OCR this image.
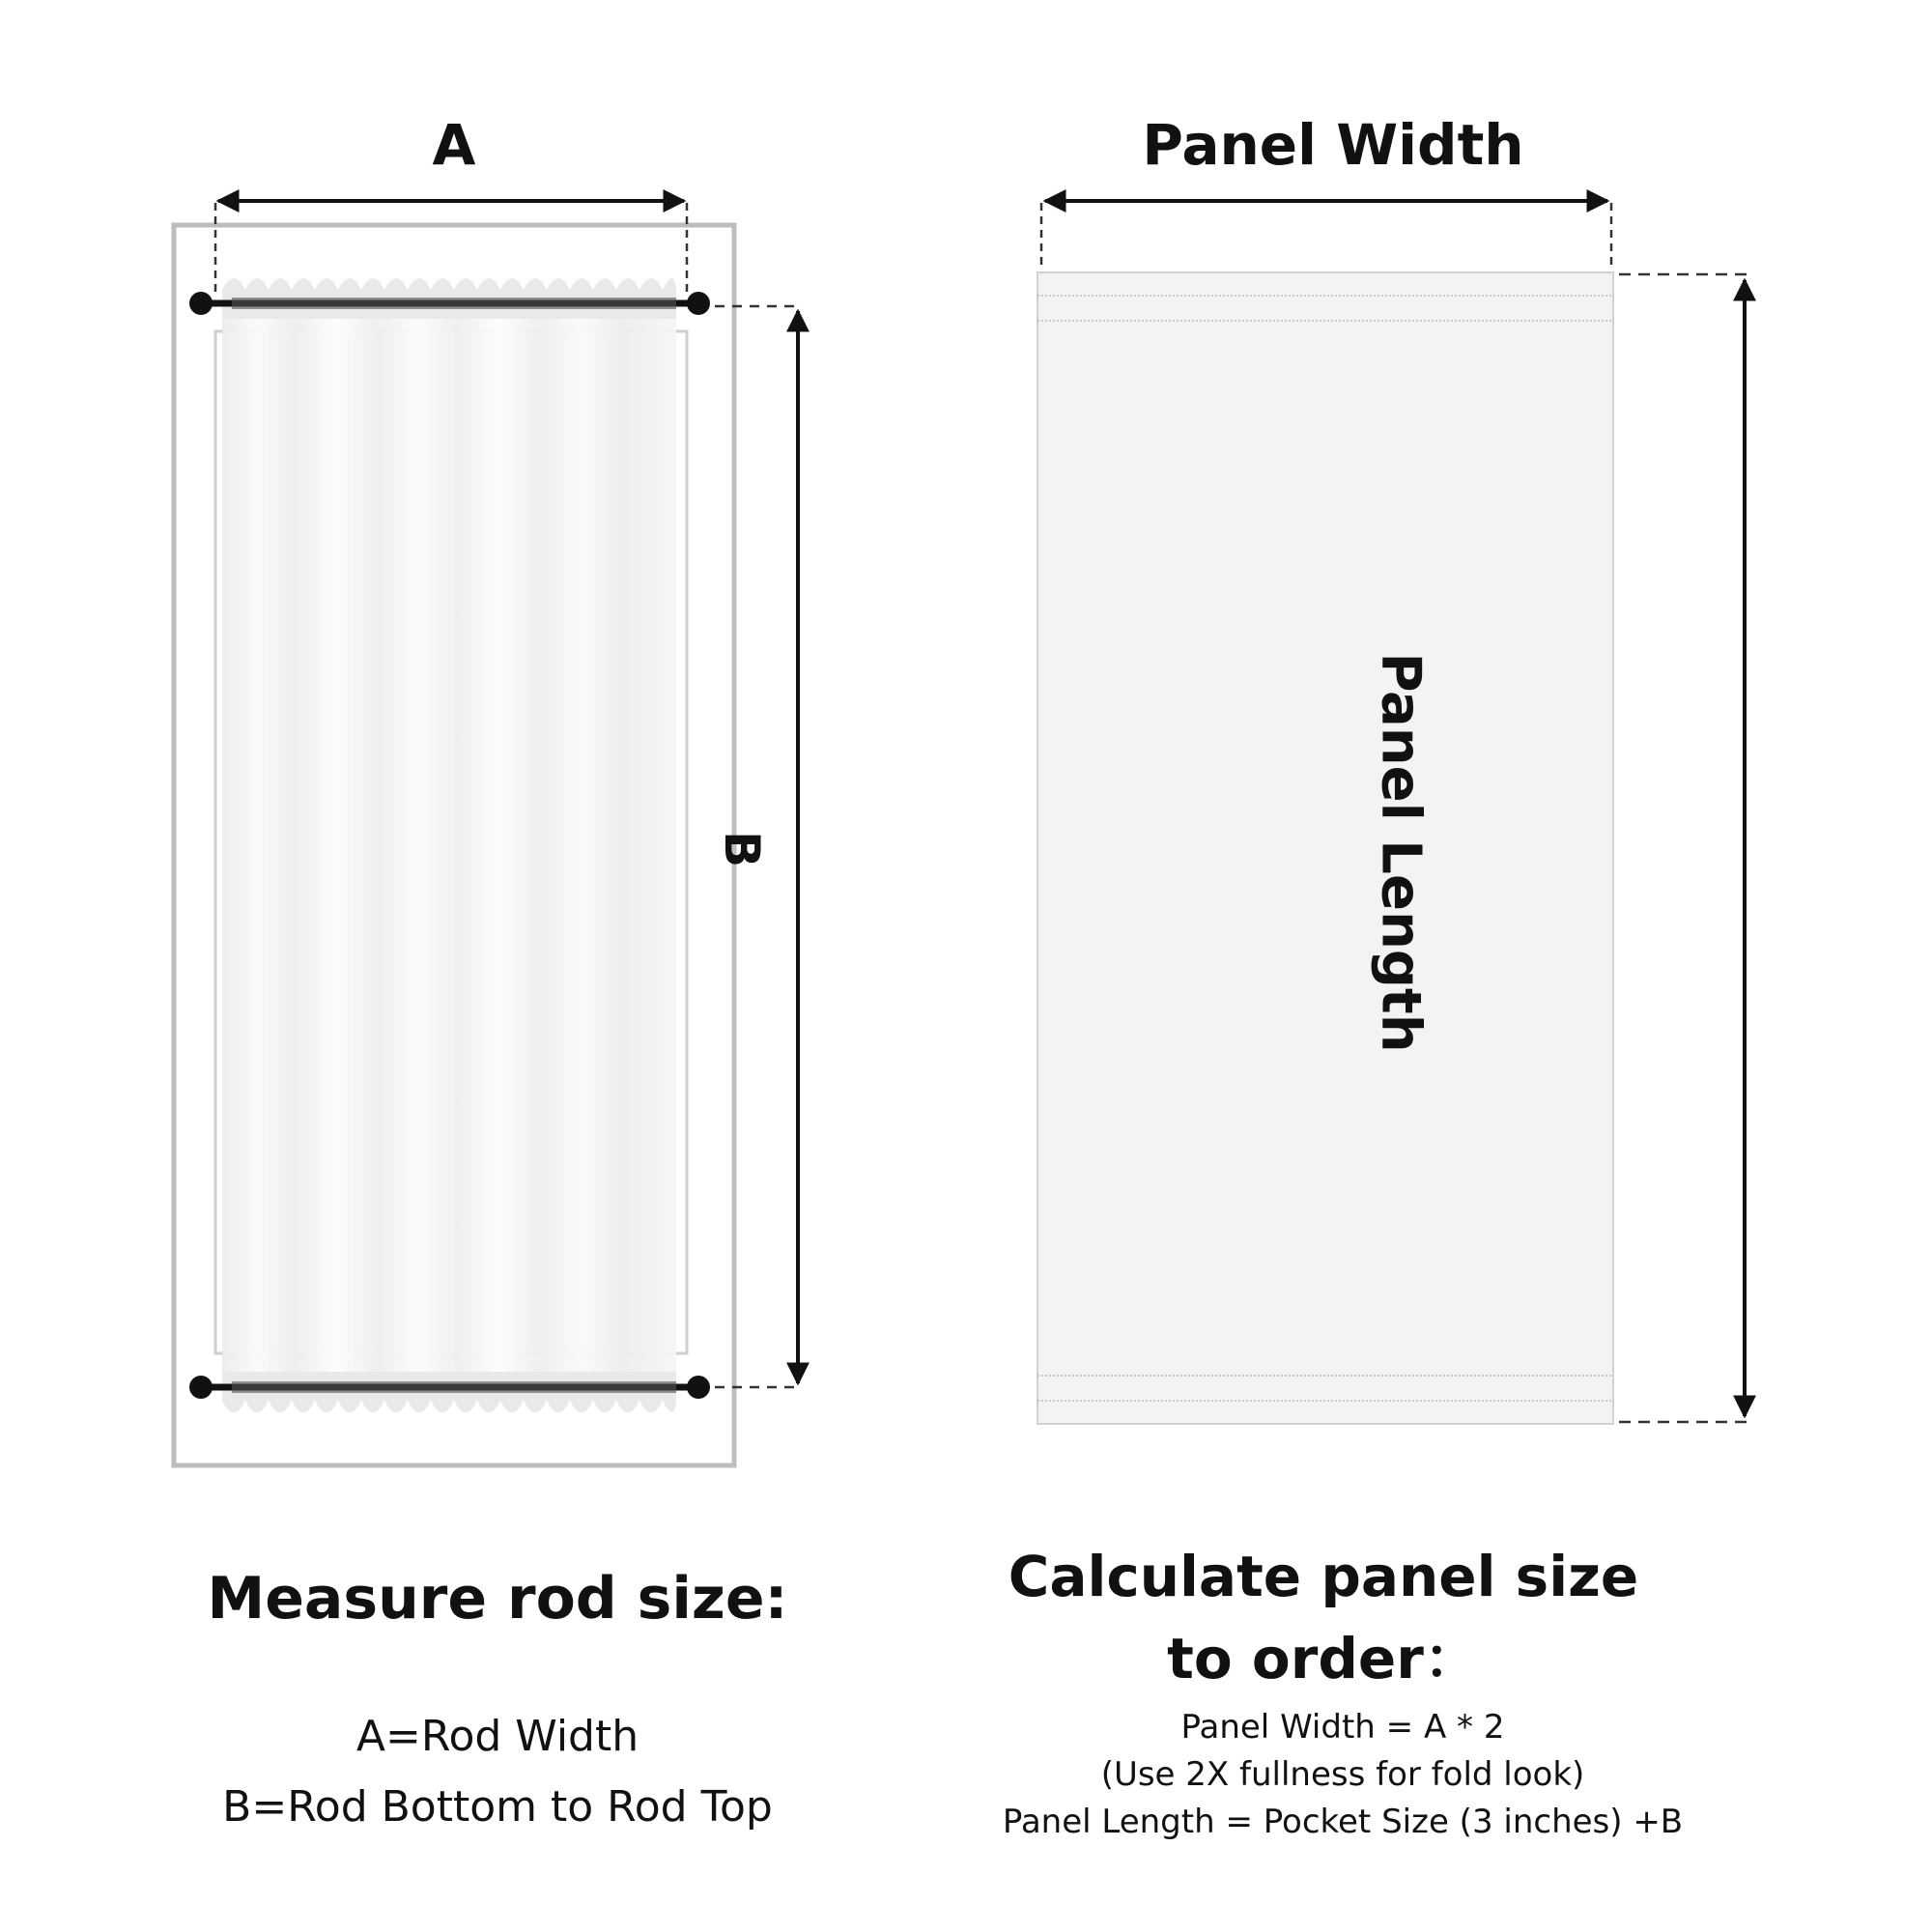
A
B
Measure rod size:
A=Rod Width
B=Rod Bottom to Rod Top
Panel Width
Panel Length
Calculate panel size
to order：
Panel Width = A * 2
(Use 2X fullness for fold look)
Panel Length = Pocket Size (3 inches) +B
